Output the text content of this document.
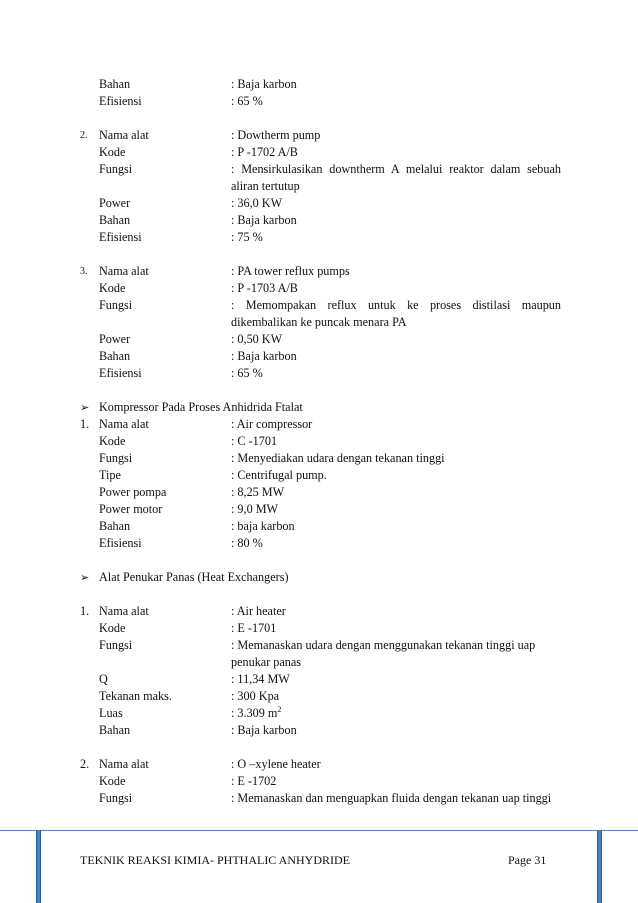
Bahan	: Baja karbon
Efisiensi	: 65 %
2. Nama alat	: Dowtherm pump
Kode	: P -1702 A/B
Fungsi	: Mensirkulasikan downtherm A melalui reaktor dalam sebuah aliran tertutup
Power	: 36,0 KW
Bahan	: Baja karbon
Efisiensi	: 75 %
3. Nama alat	: PA tower reflux pumps
Kode	: P -1703 A/B
Fungsi	: Memompakan reflux untuk ke proses distilasi maupun dikembalikan ke puncak menara PA
Power	: 0,50 KW
Bahan	: Baja karbon
Efisiensi	: 65 %
➢ Kompressor Pada Proses Anhidrida Ftalat
1. Nama alat	: Air compressor
Kode	: C -1701
Fungsi	: Menyediakan udara dengan tekanan tinggi
Tipe	: Centrifugal pump.
Power pompa	: 8,25 MW
Power motor	: 9,0 MW
Bahan	: baja karbon
Efisiensi	: 80 %
➢ Alat Penukar Panas (Heat Exchangers)
1. Nama alat	: Air heater
Kode	: E -1701
Fungsi	: Memanaskan udara dengan menggunakan tekanan tinggi uap penukar panas
Q	: 11,34 MW
Tekanan maks.	: 300 Kpa
Luas	: 3.309 $m^2$
Bahan	: Baja karbon
2. Nama alat	: O –xylene heater
Kode	: E -1702
Fungsi	: Memanaskan dan menguapkan fluida dengan tekanan uap tinggi
TEKNIK REAKSI KIMIA- PHTHALIC ANHYDRIDE	Page 31
